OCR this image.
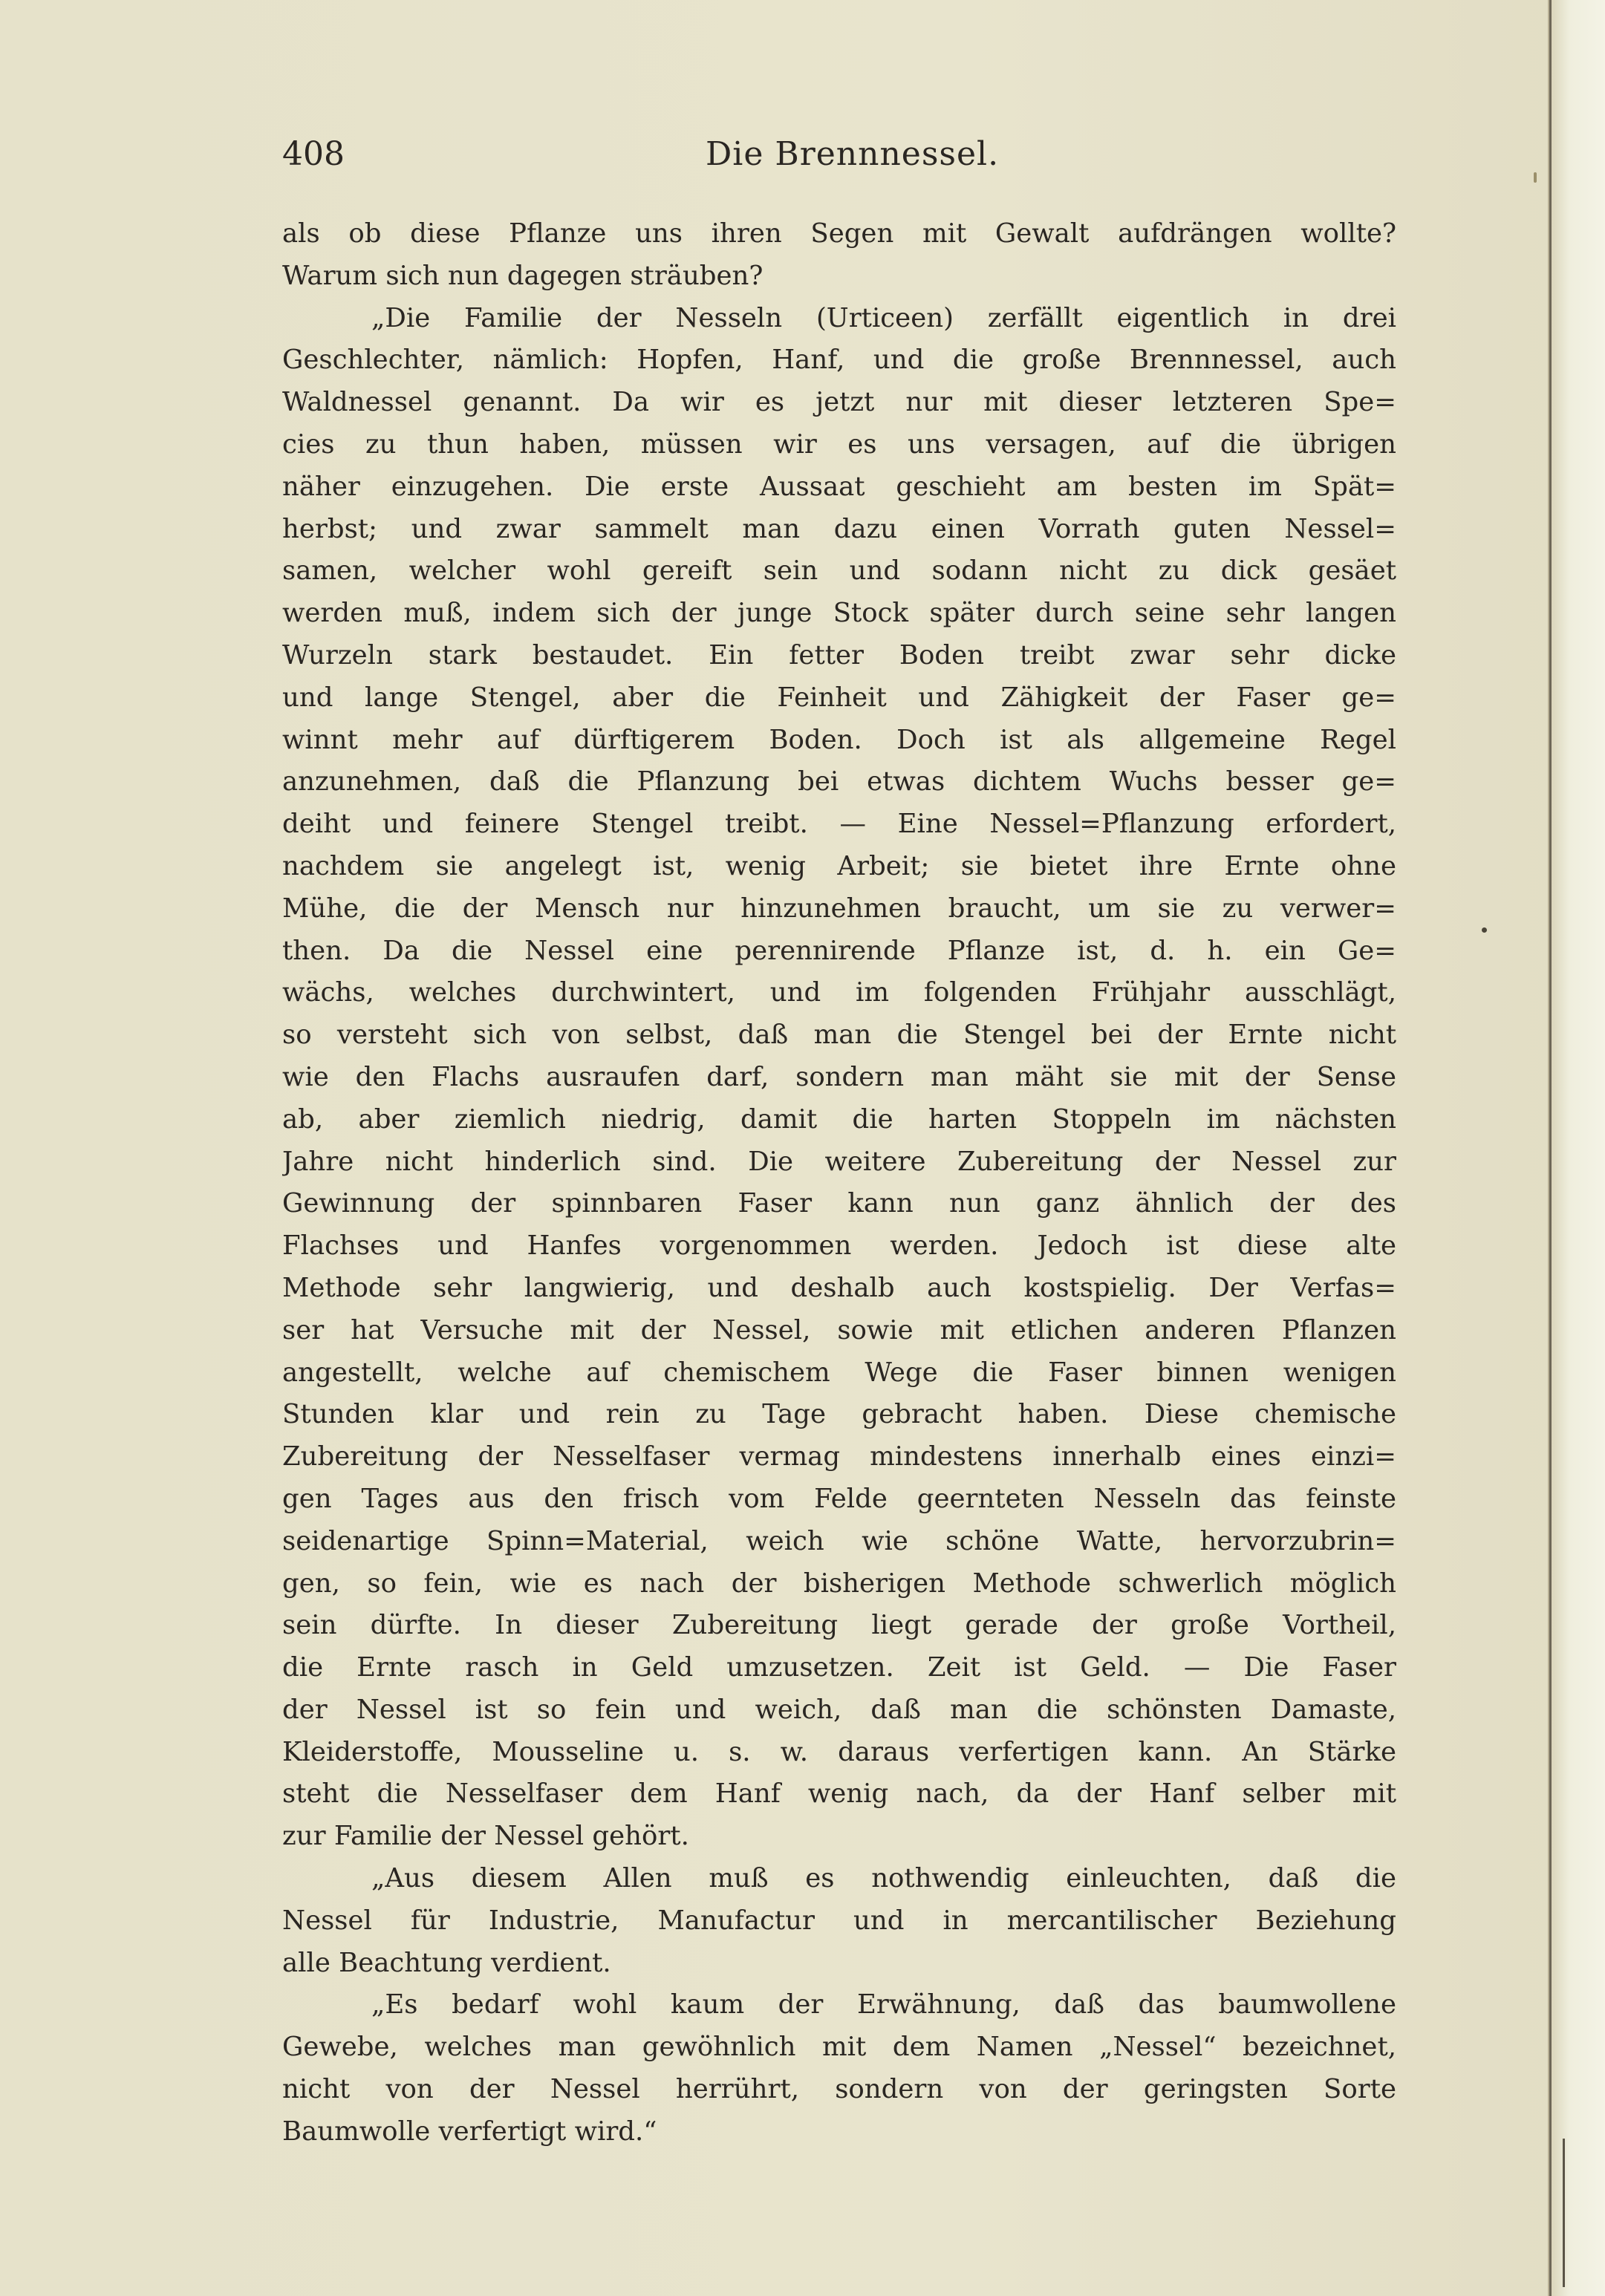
408	Die Brennnessel.
als ob diese Pflanze uns ihren Segen mit Gewalt aufdrängen wollte?
Warum sich nun dagegen sträuben?
„Die Familie der Nesseln (Urticeen) zerfällt eigentlich in drei
Geschlechter, nämlich: Hopfen, Hanf, und die große Brennnessel, auch
Waldnessel genannt. Da wir es jetzt nur mit dieser letzteren Spe=
cies zu thun haben, müssen wir es uns versagen, auf die übrigen
näher einzugehen. Die erste Aussaat geschieht am besten im Spät=
herbst; und zwar sammelt man dazu einen Vorrath guten Nessel=
samen, welcher wohl gereift sein und sodann nicht zu dick gesäet
werden muß, indem sich der junge Stock später durch seine sehr langen
Wurzeln stark bestaudet. Ein fetter Boden treibt zwar sehr dicke
und lange Stengel, aber die Feinheit und Zähigkeit der Faser ge=
winnt mehr auf dürftigerem Boden. Doch ist als allgemeine Regel
anzunehmen, daß die Pflanzung bei etwas dichtem Wuchs besser ge=
deiht und feinere Stengel treibt. — Eine Nessel=Pflanzung erfordert,
nachdem sie angelegt ist, wenig Arbeit; sie bietet ihre Ernte ohne
Mühe, die der Mensch nur hinzunehmen braucht, um sie zu verwer=
then. Da die Nessel eine perennirende Pflanze ist, d. h. ein Ge=
wächs, welches durchwintert, und im folgenden Frühjahr ausschlägt,
so versteht sich von selbst, daß man die Stengel bei der Ernte nicht
wie den Flachs ausraufen darf, sondern man mäht sie mit der Sense
ab, aber ziemlich niedrig, damit die harten Stoppeln im nächsten
Jahre nicht hinderlich sind. Die weitere Zubereitung der Nessel zur
Gewinnung der spinnbaren Faser kann nun ganz ähnlich der des
Flachses und Hanfes vorgenommen werden. Jedoch ist diese alte
Methode sehr langwierig, und deshalb auch kostspielig. Der Verfas=
ser hat Versuche mit der Nessel, sowie mit etlichen anderen Pflanzen
angestellt, welche auf chemischem Wege die Faser binnen wenigen
Stunden klar und rein zu Tage gebracht haben. Diese chemische
Zubereitung der Nesselfaser vermag mindestens innerhalb eines einzi=
gen Tages aus den frisch vom Felde geernteten Nesseln das feinste
seidenartige Spinn=Material, weich wie schöne Watte, hervorzubrin=
gen, so fein, wie es nach der bisherigen Methode schwerlich möglich
sein dürfte. In dieser Zubereitung liegt gerade der große Vortheil,
die Ernte rasch in Geld umzusetzen. Zeit ist Geld. — Die Faser
der Nessel ist so fein und weich, daß man die schönsten Damaste,
Kleiderstoffe, Mousseline u. s. w. daraus verfertigen kann. An Stärke
steht die Nesselfaser dem Hanf wenig nach, da der Hanf selber mit
zur Familie der Nessel gehört.
„Aus diesem Allen muß es nothwendig einleuchten, daß die
Nessel für Industrie, Manufactur und in mercantilischer Beziehung
alle Beachtung verdient.
„Es bedarf wohl kaum der Erwähnung, daß das baumwollene
Gewebe, welches man gewöhnlich mit dem Namen „Nessel“ bezeichnet,
nicht von der Nessel herrührt, sondern von der geringsten Sorte
Baumwolle verfertigt wird.“
